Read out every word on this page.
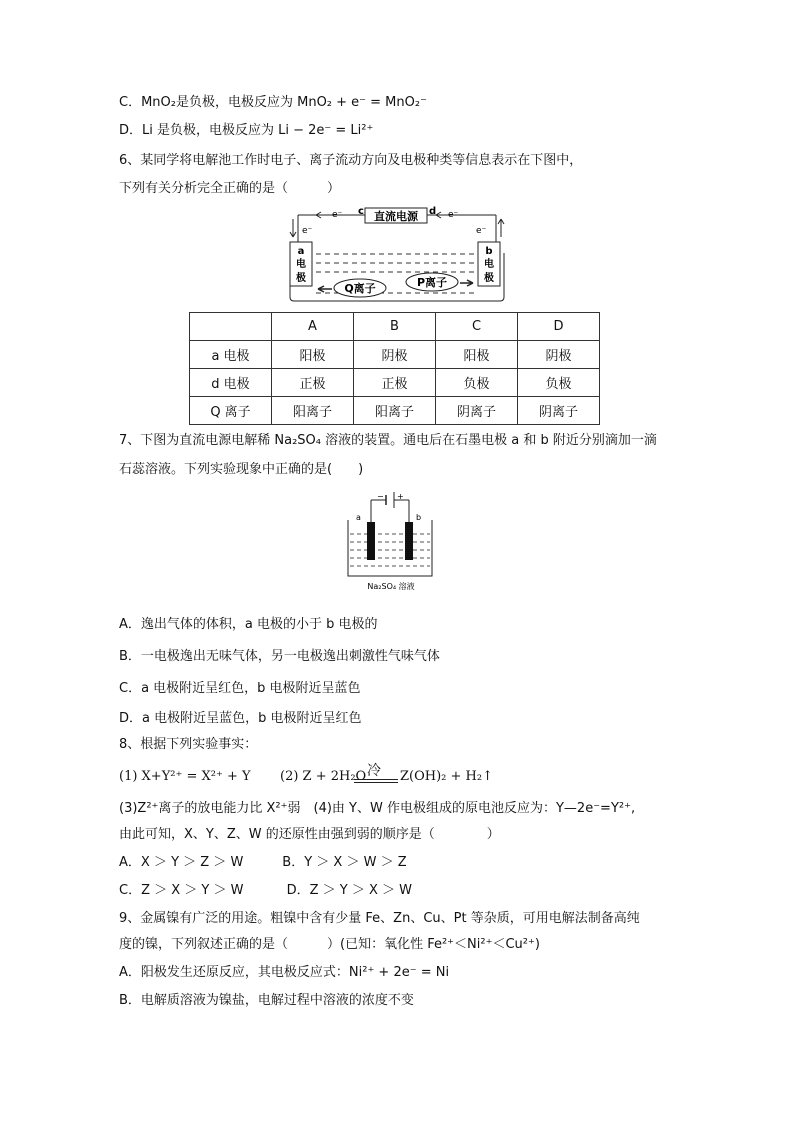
C．MnO₂是负极，电极反应为 MnO₂ + e⁻ = MnO₂⁻
D．Li 是负极，电极反应为 Li − 2e⁻ = Li²⁺
6、某同学将电解池工作时电子、离子流动方向及电极种类等信息表示在下图中，
下列有关分析完全正确的是（　　　）
直流电源
c	d
e⁻	e⁻
e⁻	e⁻
a
电
极
b
电
极
Q离子	P离子
	A	B	C	D
a 电极	阳极	阴极	阳极	阴极
d 电极	正极	正极	负极	负极
Q 离子	阳离子	阳离子	阴离子	阴离子
7、下图为直流电源电解稀 Na₂SO₄ 溶液的装置。通电后在石墨电极 a 和 b 附近分别滴加一滴
石蕊溶液。下列实验现象中正确的是(　　)
− +
a	b
Na₂SO₄ 溶液
A．逸出气体的体积，a 电极的小于 b 电极的
B．一电极逸出无味气体，另一电极逸出刺激性气味气体
C．a 电极附近呈红色，b 电极附近呈蓝色
D．a 电极附近呈蓝色，b 电极附近呈红色
8、根据下列实验事实：
(1) X+Y²⁺ = X²⁺ + Y (2) Z + 2H₂O 冷 Z(OH)₂ + H₂↑
(3)Z²⁺离子的放电能力比 X²⁺弱　(4)由 Y、W 作电极组成的原电池反应为：Y—2e⁻=Y²⁺,
由此可知，X、Y、Z、W 的还原性由强到弱的顺序是（　　　　）
A．X ＞ Y ＞ Z ＞ W　　　B．Y ＞ X ＞ W ＞ Z
C．Z ＞ X ＞ Y ＞ W　　　 D．Z ＞ Y ＞ X ＞ W
9、金属镍有广泛的用途。粗镍中含有少量 Fe、Zn、Cu、Pt 等杂质，可用电解法制备高纯
度的镍，下列叙述正确的是（　　　）(已知：氧化性 Fe²⁺＜Ni²⁺＜Cu²⁺)
A．阳极发生还原反应，其电极反应式：Ni²⁺ + 2e⁻ = Ni
B．电解质溶液为镍盐，电解过程中溶液的浓度不变
